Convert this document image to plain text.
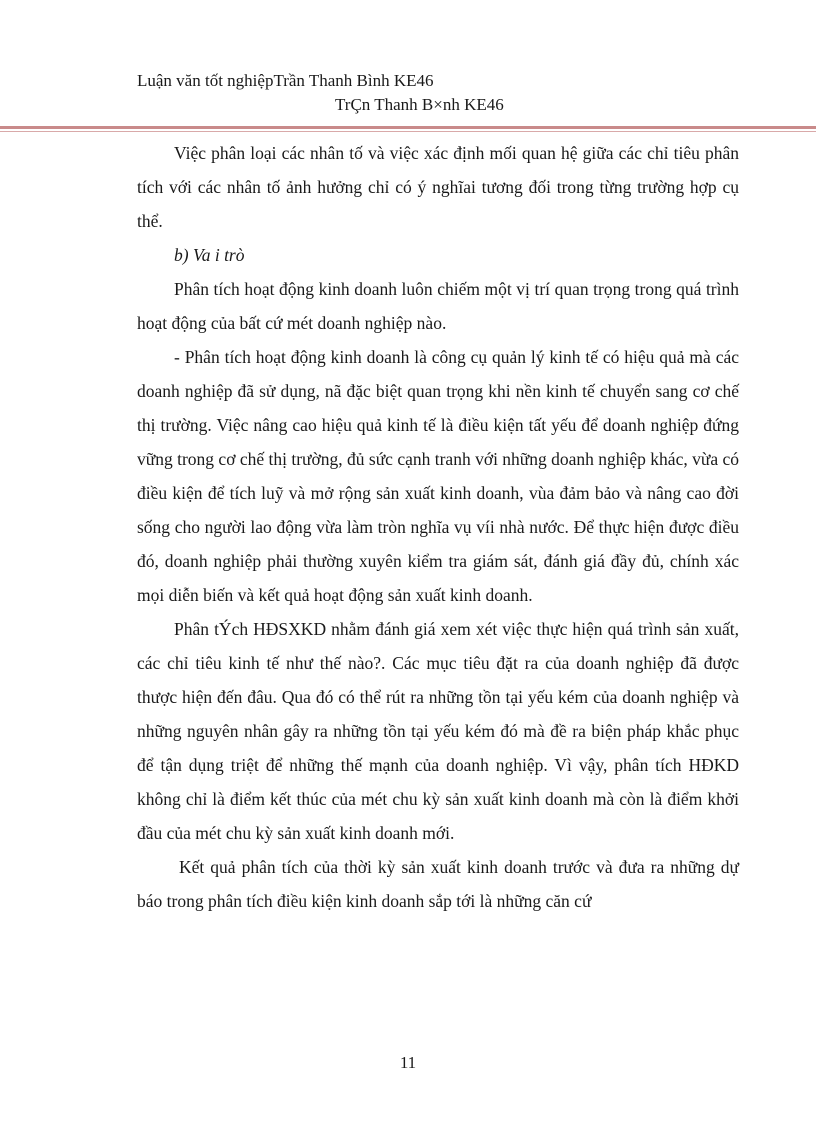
Luận văn tốt nghiệpTrần Thanh Bình KE46
TrÇn Thanh B×nh KE46

Việc phân loại các nhân tố và việc xác định mối quan hệ giữa các chỉ tiêu phân tích với các nhân tố ảnh hưởng chỉ có ý nghĩai tương đối trong từng trường hợp cụ thể.

b) Va i trò

Phân tích hoạt động kinh doanh luôn chiếm một vị trí quan trọng trong quá trình hoạt động của bất cứ mét doanh nghiệp nào.

- Phân tích hoạt động kinh doanh là công cụ quản lý kinh tế có hiệu quả mà các doanh nghiệp đã sử dụng, nã đặc biệt quan trọng khi nền kinh tế chuyển sang cơ chế thị trường. Việc nâng cao hiệu quả kinh tế là điều kiện tất yếu để doanh nghiệp đứng vững trong cơ chế thị trường, đủ sức cạnh tranh với những doanh nghiệp khác, vừa có điều kiện để tích luỹ và mở rộng sản xuất kinh doanh, vùa đảm bảo và nâng cao đời sống cho người lao động vừa làm tròn nghĩa vụ víi nhà nước. Để thực hiện được điều đó, doanh nghiệp phải thường xuyên kiểm tra giám sát, đánh giá đầy đủ, chính xác mọi diễn biến và kết quả hoạt động sản xuất kinh doanh.

Phân tÝch HĐSXKD nhằm đánh giá xem xét việc thực hiện quá trình sản xuất, các chỉ tiêu kinh tế như thế nào?. Các mục tiêu đặt ra của doanh nghiệp đã được thược hiện đến đâu. Qua đó có thể rút ra những tồn tại yếu kém của doanh nghiệp và những nguyên nhân gây ra những tồn tại yếu kém đó mà đề ra biện pháp khắc phục để tận dụng triệt để những thế mạnh của doanh nghiệp. Vì vậy, phân tích HĐKD không chỉ là điểm kết thúc của mét chu kỳ sản xuất kinh doanh mà còn là điểm khởi đầu của mét chu kỳ sản xuất kinh doanh mới.

Kết quả phân tích của thời kỳ sản xuất kinh doanh trước và đưa ra những dự báo trong phân tích điều kiện kinh doanh sắp tới là những căn cứ

11
